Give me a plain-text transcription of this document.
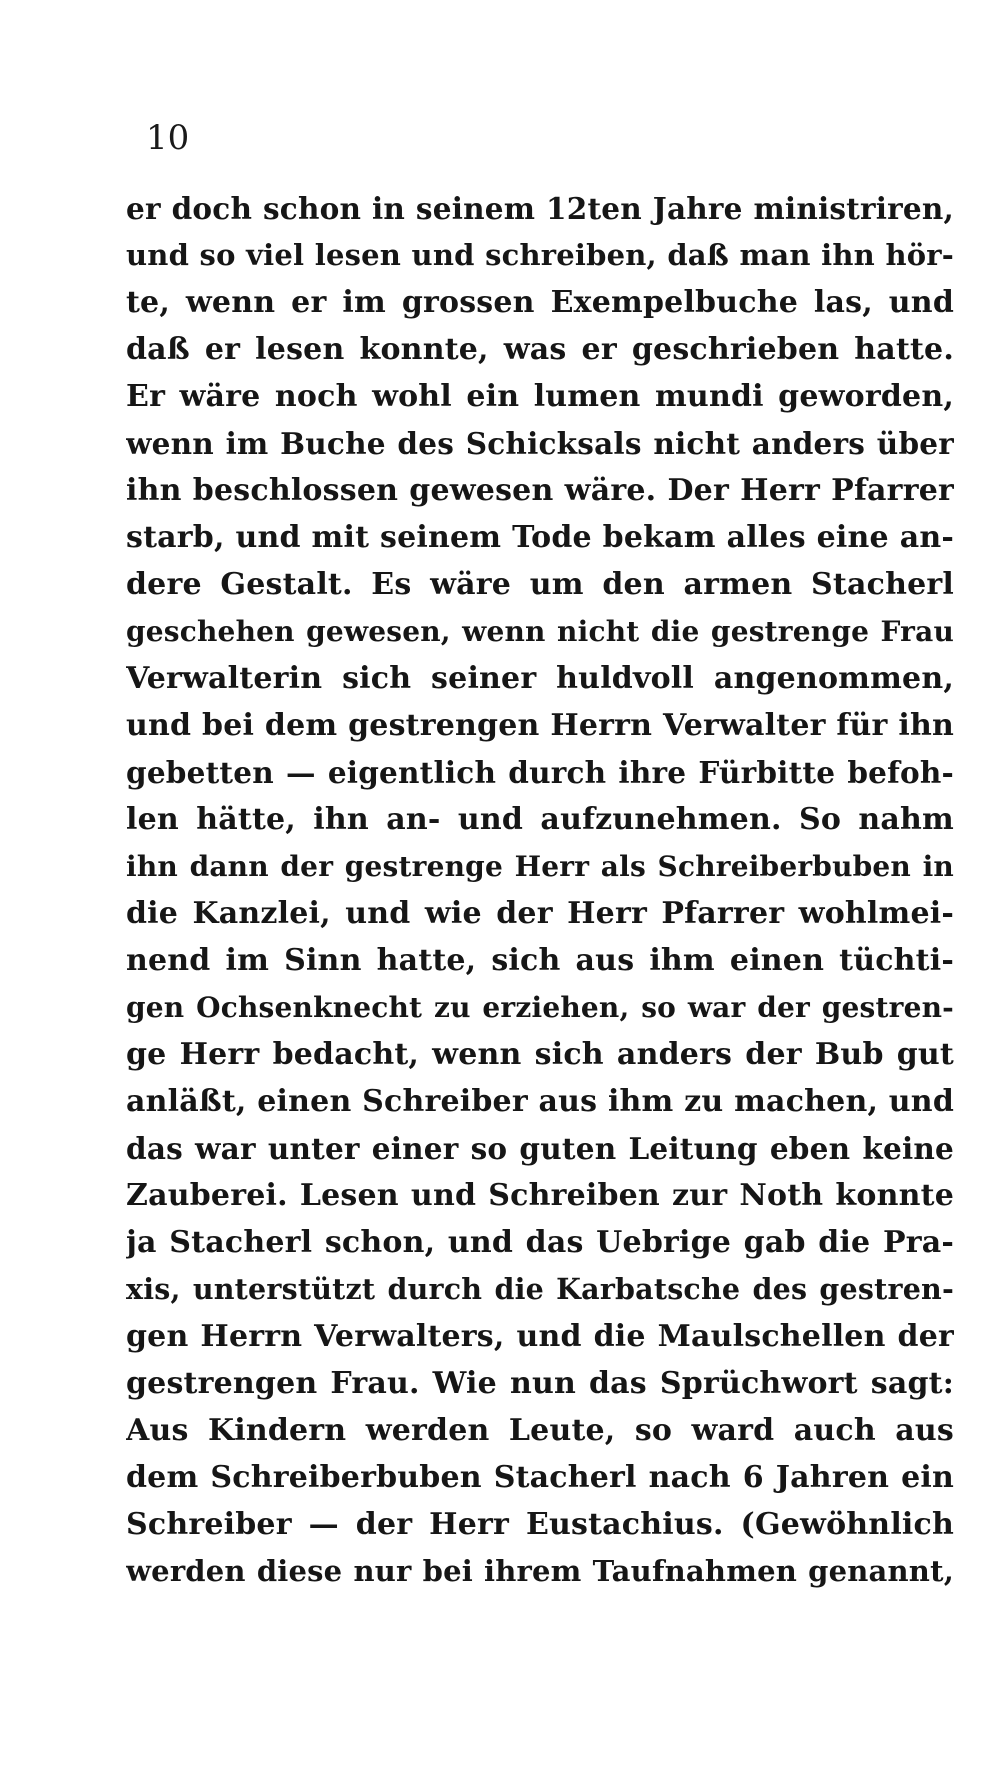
10
er doch schon in seinem 12ten Jahre ministriren,
und so viel lesen und schreiben, daß man ihn hör-
te, wenn er im grossen Exempelbuche las, und
daß er lesen konnte, was er geschrieben hatte.
Er wäre noch wohl ein lumen mundi geworden,
wenn im Buche des Schicksals nicht anders über
ihn beschlossen gewesen wäre. Der Herr Pfarrer
starb, und mit seinem Tode bekam alles eine an-
dere Gestalt. Es wäre um den armen Stacherl
geschehen gewesen, wenn nicht die gestrenge Frau
Verwalterin sich seiner huldvoll angenommen,
und bei dem gestrengen Herrn Verwalter für ihn
gebetten — eigentlich durch ihre Fürbitte befoh-
len hätte, ihn an- und aufzunehmen. So nahm
ihn dann der gestrenge Herr als Schreiberbuben in
die Kanzlei, und wie der Herr Pfarrer wohlmei-
nend im Sinn hatte, sich aus ihm einen tüchti-
gen Ochsenknecht zu erziehen, so war der gestren-
ge Herr bedacht, wenn sich anders der Bub gut
anläßt, einen Schreiber aus ihm zu machen, und
das war unter einer so guten Leitung eben keine
Zauberei. Lesen und Schreiben zur Noth konnte
ja Stacherl schon, und das Uebrige gab die Pra-
xis, unterstützt durch die Karbatsche des gestren-
gen Herrn Verwalters, und die Maulschellen der
gestrengen Frau. Wie nun das Sprüchwort sagt:
Aus Kindern werden Leute, so ward auch aus
dem Schreiberbuben Stacherl nach 6 Jahren ein
Schreiber — der Herr Eustachius. (Gewöhnlich
werden diese nur bei ihrem Taufnahmen genannt,
